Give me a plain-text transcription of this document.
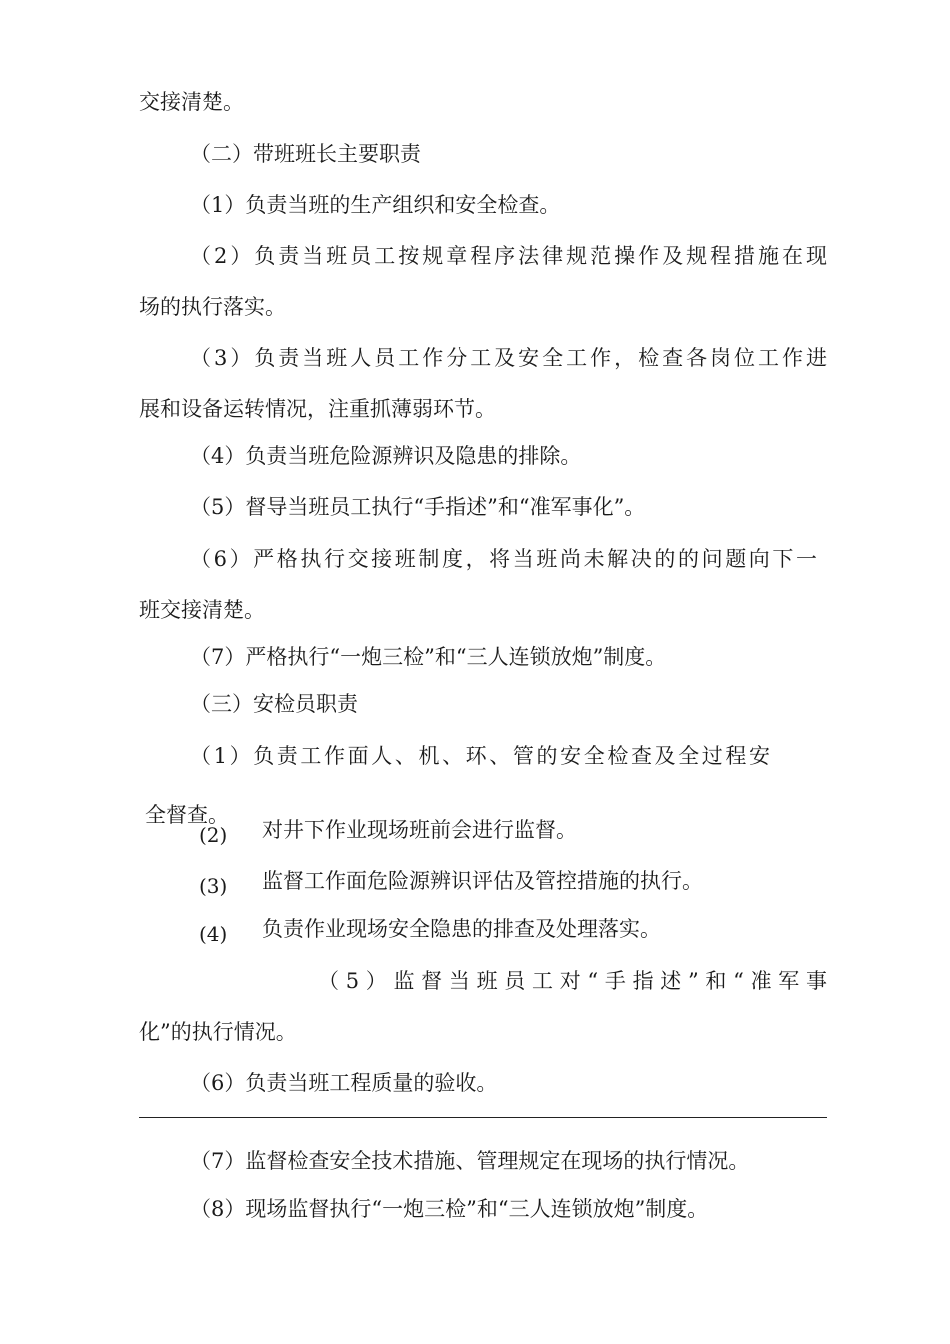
交接清楚。
（二）带班班长主要职责
（1）负责当班的生产组织和安全检查。
（2）负责当班员工按规章程序法律规范操作及规程措施在现
场的执行落实。
（3）负责当班人员工作分工及安全工作，检查各岗位工作进
展和设备运转情况，注重抓薄弱环节。
（4）负责当班危险源辨识及隐患的排除。
（5）督导当班员工执行“手指述”和“准军事化”。
（6）严格执行交接班制度，将当班尚未解决的的问题向下一
班交接清楚。
（7）严格执行“一炮三检”和“三人连锁放炮”制度。
（三）安检员职责
（1）负责工作面人、机、环、管的安全检查及全过程安
全督查。
(2) 对井下作业现场班前会进行监督。
(3) 监督工作面危险源辨识评估及管控措施的执行。
(4) 负责作业现场安全隐患的排查及处理落实。
（5）监督当班员工对“手指述”和“准军事
化”的执行情况。
（6）负责当班工程质量的验收。
（7）监督检查安全技术措施、管理规定在现场的执行情况。
（8）现场监督执行“一炮三检”和“三人连锁放炮”制度。
